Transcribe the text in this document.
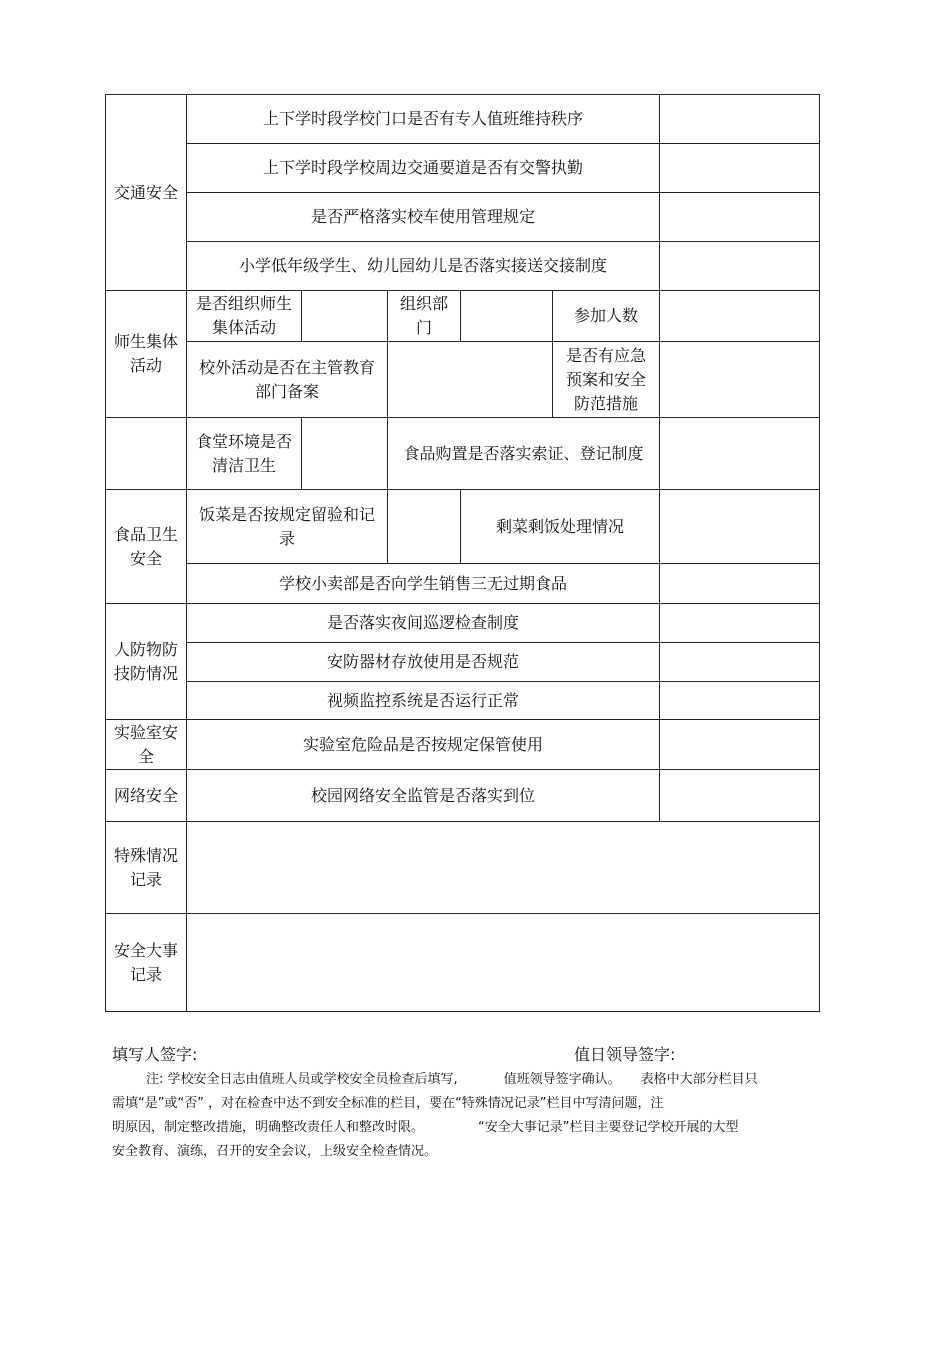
交通安全	上下学时段学校门口是否有专人值班维持秩序					
	上下学时段学校周边交通要道是否有交警执勤					
	是否严格落实校车使用管理规定					
	小学低年级学生、幼儿园幼儿是否落实接送交接制度					
师生集体活动	是否组织师生集体活动		组织部门		参加人数	
	校外活动是否在主管教育部门备案				是否有应急预案和安全防范措施	
	食堂环境是否清洁卫生		食品购置是否落实索证、登记制度			
食品卫生安全	饭菜是否按规定留验和记录			剩菜剩饭处理情况		
	学校小卖部是否向学生销售三无过期食品					
人防物防技防情况	是否落实夜间巡逻检查制度					
	安防器材存放使用是否规范					
	视频监控系统是否运行正常					
实验室安全	实验室危险品是否按规定保管使用					
网络安全	校园网络安全监管是否落实到位					
特殊情况记录						
安全大事记录						
填写人签字:	值日领导签字:

注: 学校安全日志由值班人员或学校安全员检查后填写,	值班领导签字确认。 表格中大部分栏目只

需填“是”或“否” ，对在检查中达不到安全标准的栏目，要在“特殊情况记录”栏目中写清问题，注

明原因，制定整改措施，明确整改责任人和整改时限。	“安全大事记录”栏目主要登记学校开展的大型

安全教育、演练，召开的安全会议，上级安全检查情况。
